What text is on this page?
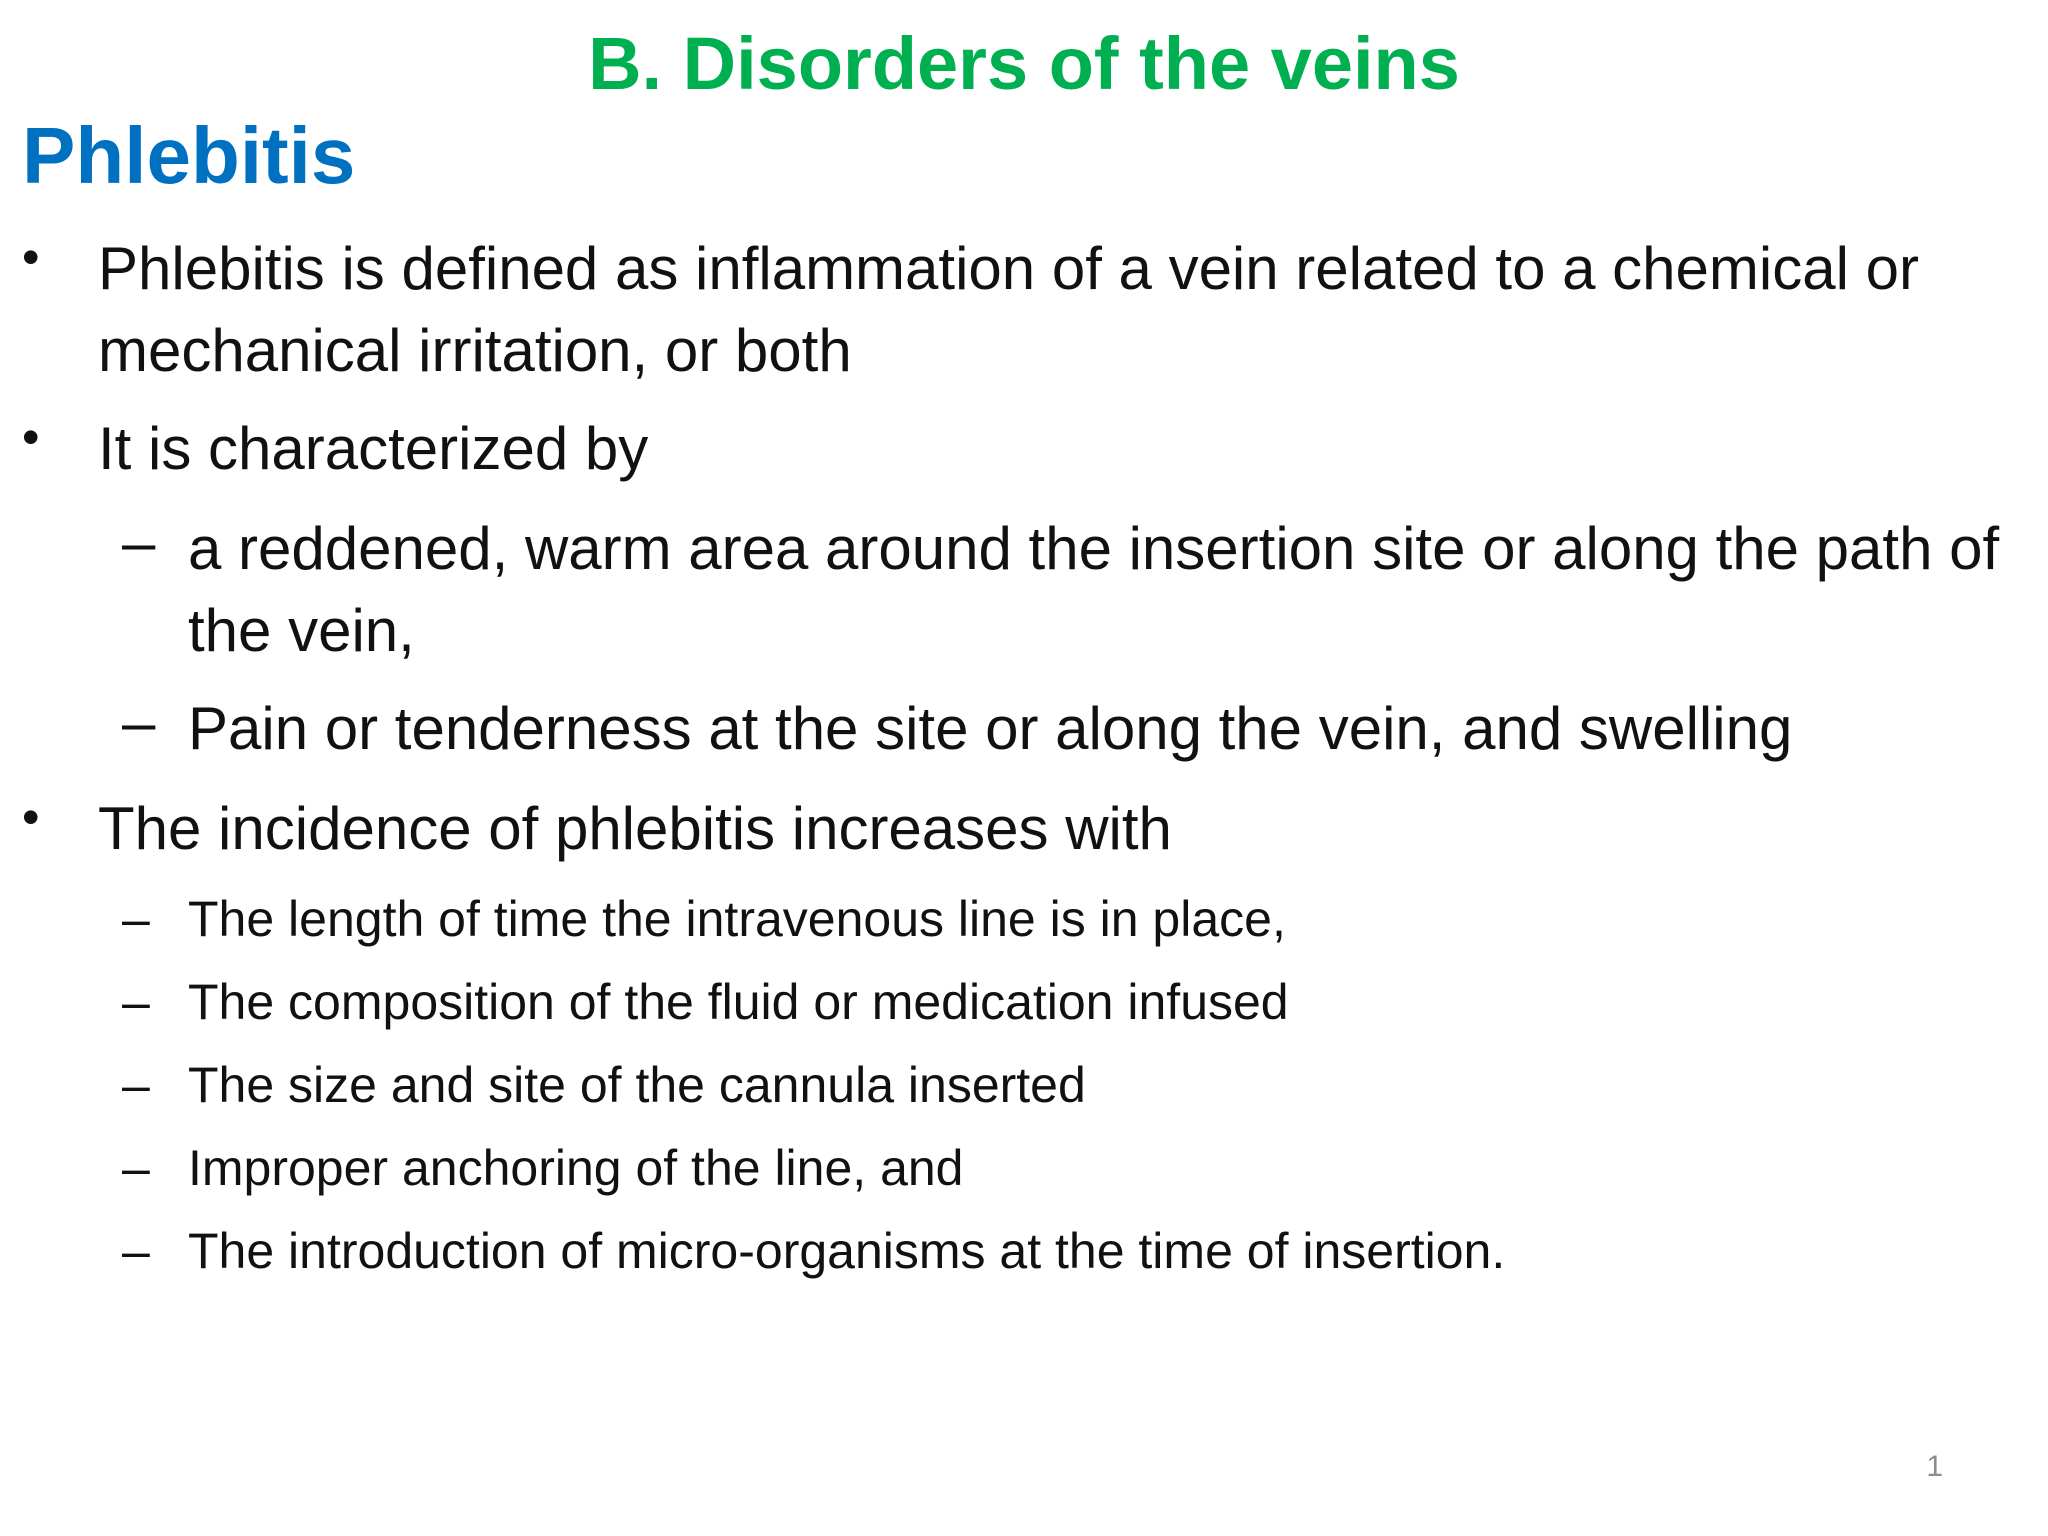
B. Disorders of the veins
Phlebitis
• Phlebitis is defined as inflammation of a vein related to a chemical or mechanical irritation, or both
• It is characterized by
– a reddened, warm area around the insertion site or along the path of the vein,
– Pain or tenderness at the site or along the vein, and swelling
• The incidence of phlebitis increases with
– The length of time the intravenous line is in place,
– The composition of the fluid or medication infused
– The size and site of the cannula inserted
– Improper anchoring of the line, and
– The introduction of micro-organisms at the time of insertion.
1
